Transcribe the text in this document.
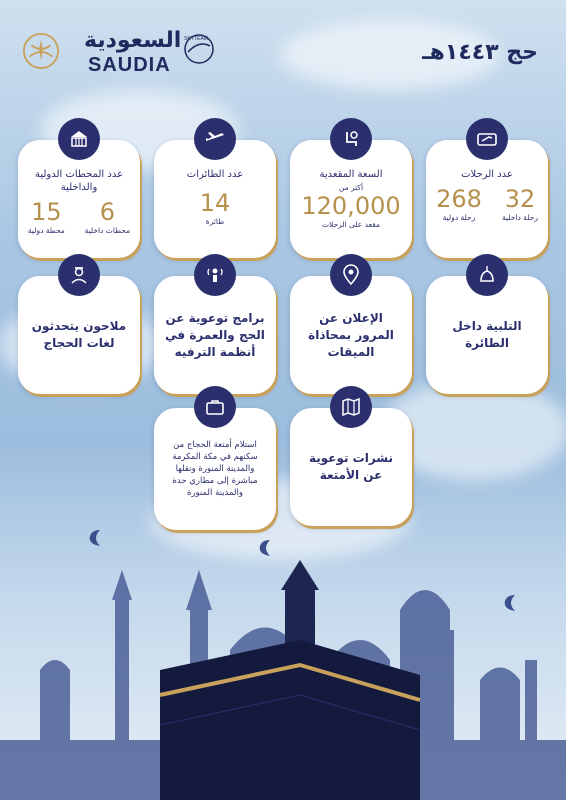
السعودية
SAUDIA
SKYTEAM
حج ١٤٤٣هـ
عدد الرحلات
32
رحلة داخلية
268
رحلة دولية
السعة المقعدية
أكثر من
120,000
مقعد على الرحلات
عدد الطائرات
14
طائرة
عدد المحطات الدولية والداخلية
6
محطات داخلية
15
محطة دولية
التلبية داخل الطائرة
الإعلان عن المرور بمحاذاة الميقات
برامج توعوية عن الحج والعمرة في أنظمة الترفيه
ملاحون يتحدثون لغات الحجاج
نشرات توعوية عن الأمتعة
استلام أمتعة الحجاج من سكنهم في مكة المكرمة والمدينة المنورة ونقلها مباشرة إلى مطاري جدة والمدينة المنورة
